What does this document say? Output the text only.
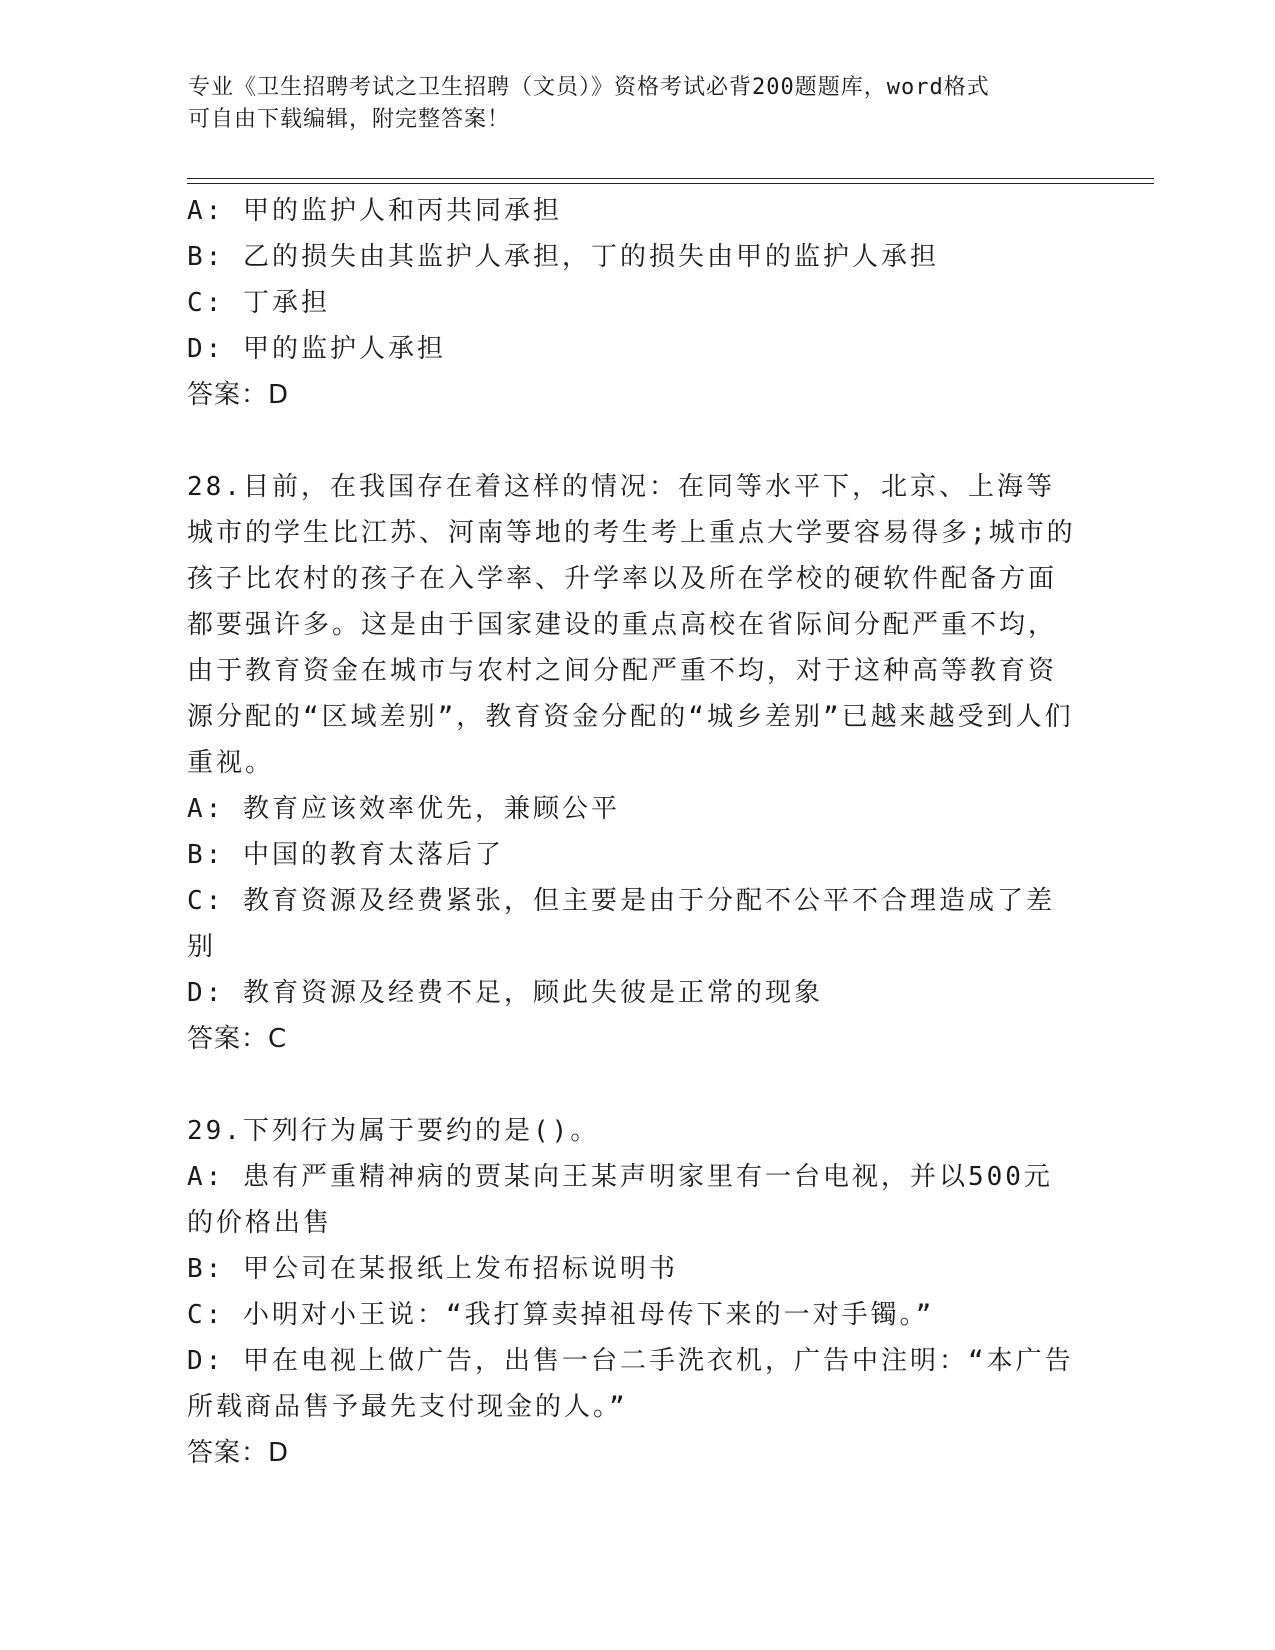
专业《卫生招聘考试之卫生招聘（文员）》资格考试必背200题题库，word格式
可自由下载编辑，附完整答案！

A: 甲的监护人和丙共同承担

B: 乙的损失由其监护人承担，丁的损失由甲的监护人承担

C: 丁承担

D: 甲的监护人承担

答案：D

28.目前，在我国存在着这样的情况：在同等水平下，北京、上海等城市的学生比江苏、河南等地的考生考上重点大学要容易得多;城市的孩子比农村的孩子在入学率、升学率以及所在学校的硬软件配备方面都要强许多。这是由于国家建设的重点高校在省际间分配严重不均，由于教育资金在城市与农村之间分配严重不均，对于这种高等教育资源分配的“区域差别”，教育资金分配的“城乡差别”已越来越受到人们重视。

A: 教育应该效率优先，兼顾公平

B: 中国的教育太落后了

C: 教育资源及经费紧张，但主要是由于分配不公平不合理造成了差别

D: 教育资源及经费不足，顾此失彼是正常的现象

答案：C

29.下列行为属于要约的是()。

A: 患有严重精神病的贾某向王某声明家里有一台电视，并以500元的价格出售

B: 甲公司在某报纸上发布招标说明书

C: 小明对小王说：“我打算卖掉祖母传下来的一对手镯。”

D: 甲在电视上做广告，出售一台二手洗衣机，广告中注明：“本广告所载商品售予最先支付现金的人。”

答案：D
